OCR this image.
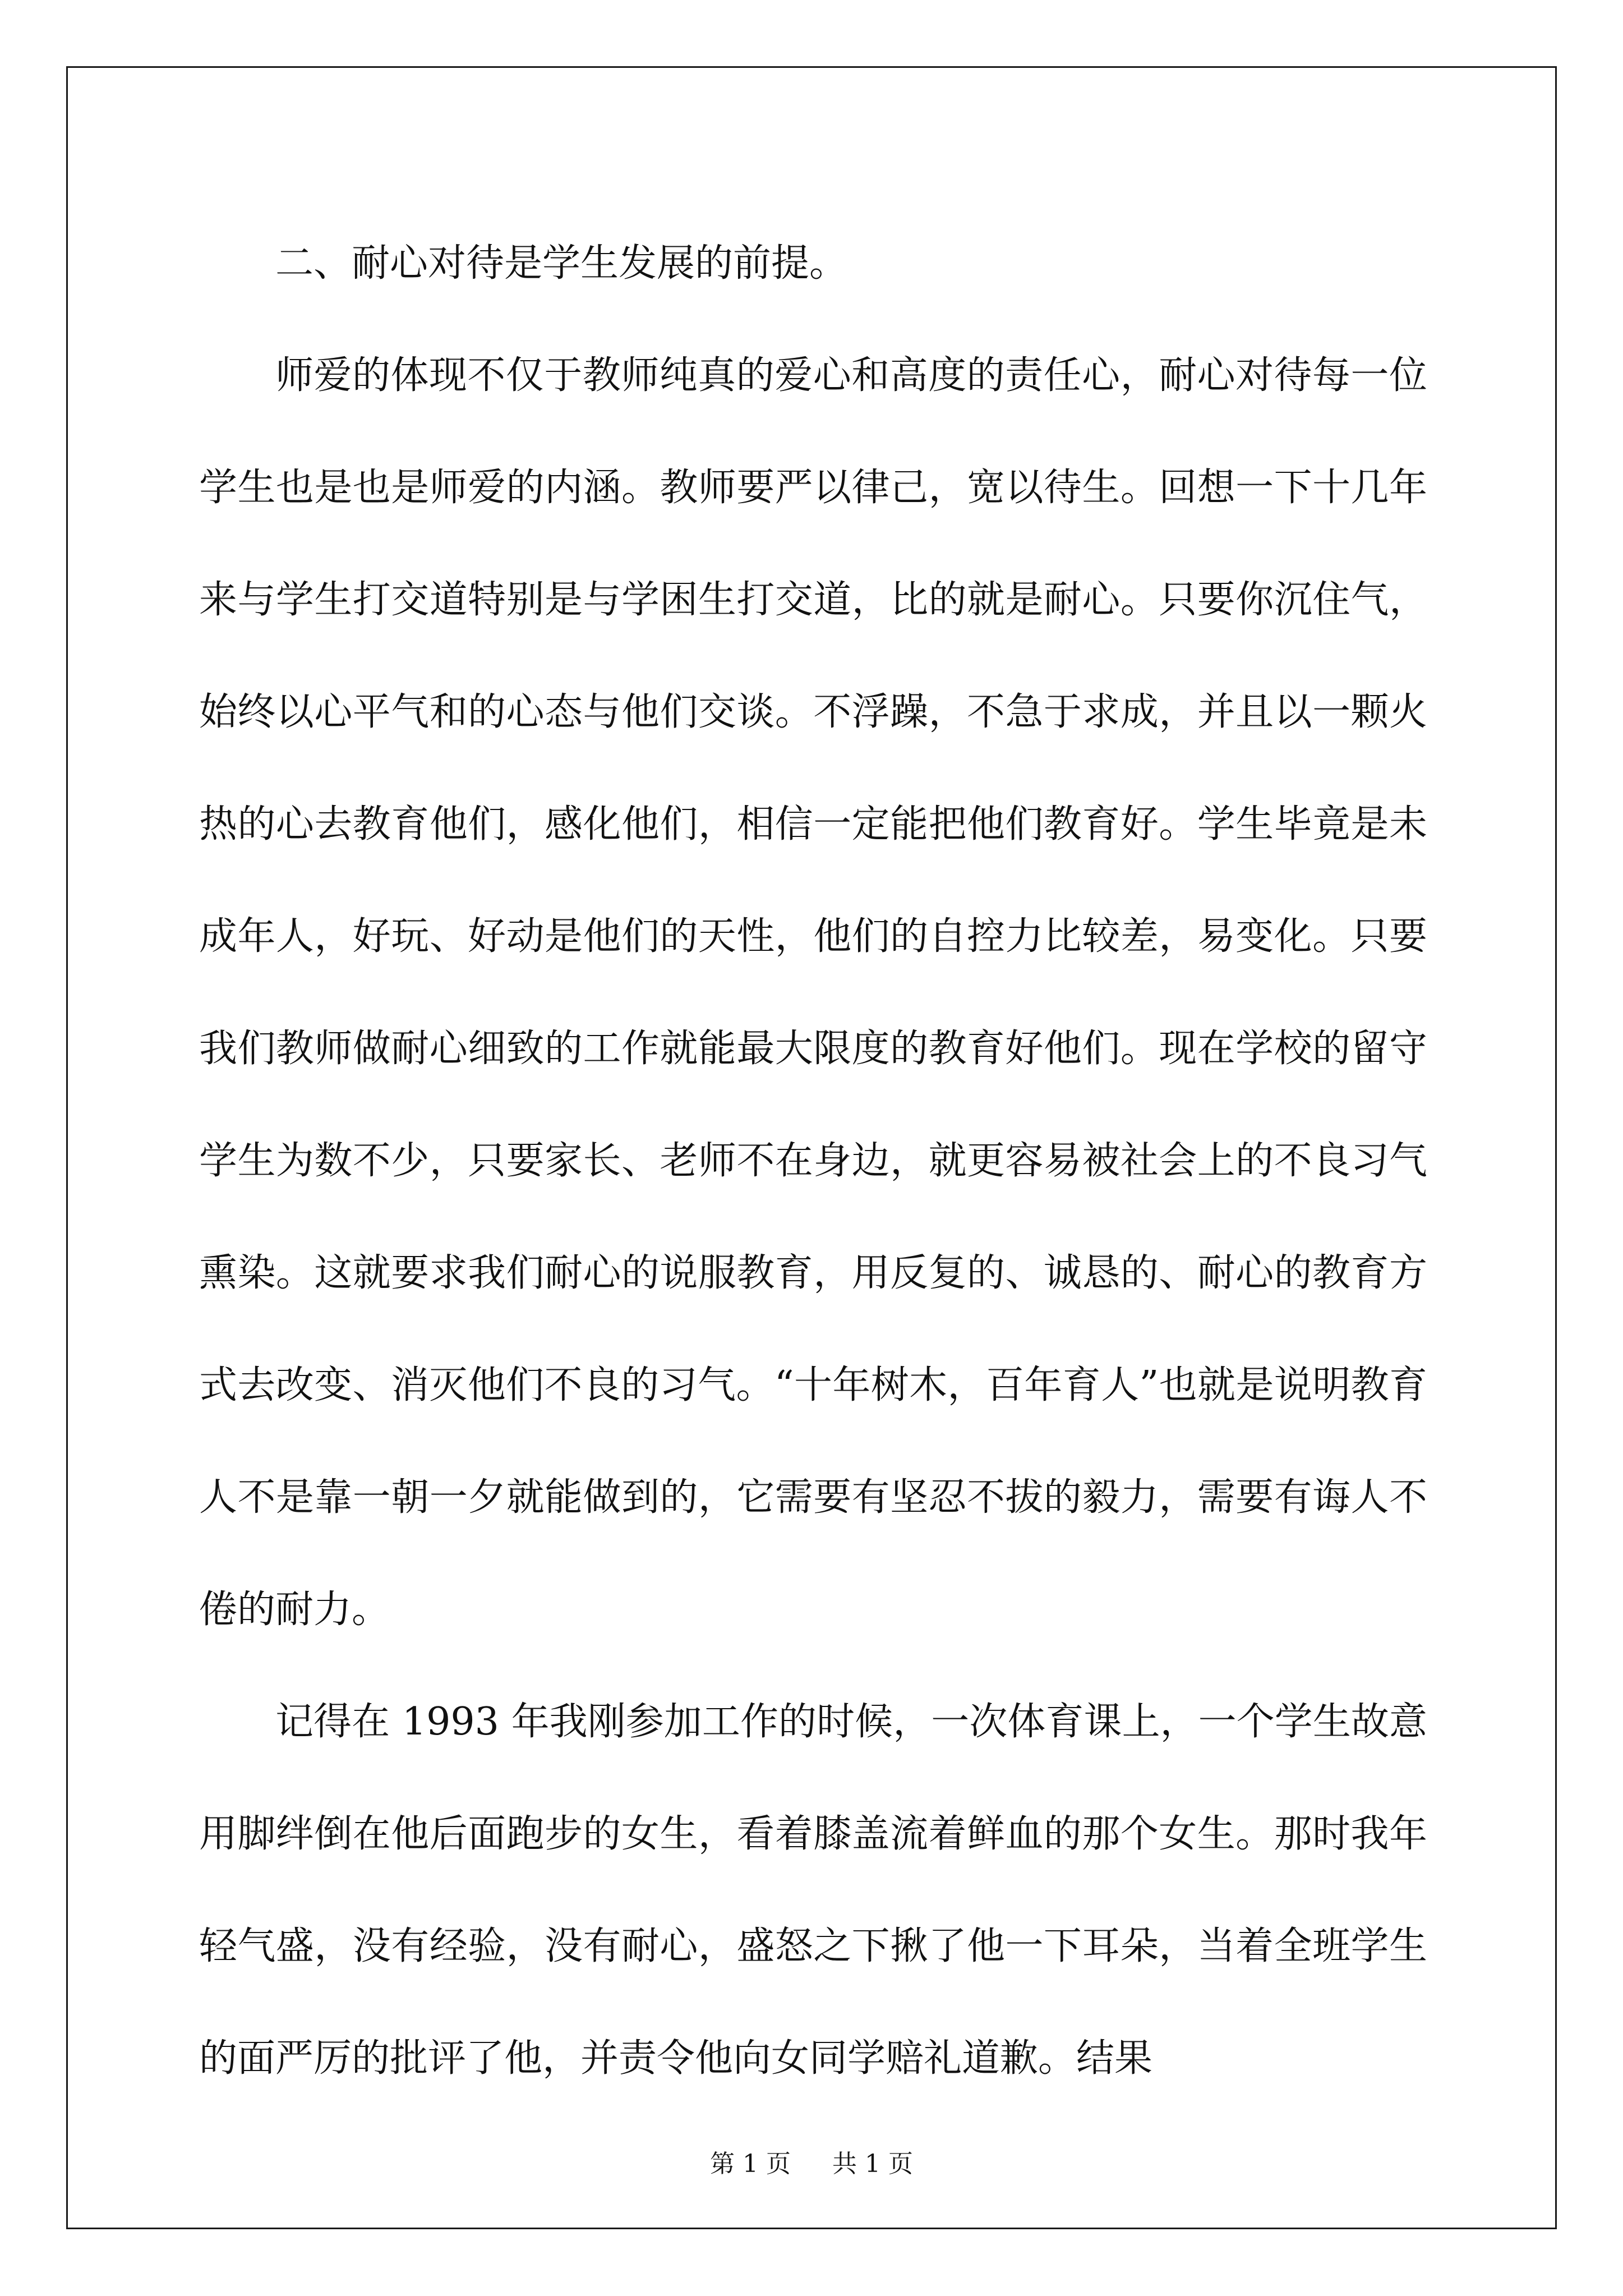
二、耐心对待是学生发展的前提。

师爱的体现不仅于教师纯真的爱心和高度的责任心，耐心对待每一位学生也是也是师爱的内涵。教师要严以律己，宽以待生。回想一下十几年来与学生打交道特别是与学困生打交道，比的就是耐心。只要你沉住气，始终以心平气和的心态与他们交谈。不浮躁，不急于求成，并且以一颗火热的心去教育他们，感化他们，相信一定能把他们教育好。学生毕竟是未成年人，好玩、好动是他们的天性，他们的自控力比较差，易变化。只要我们教师做耐心细致的工作就能最大限度的教育好他们。现在学校的留守学生为数不少，只要家长、老师不在身边，就更容易被社会上的不良习气熏染。这就要求我们耐心的说服教育，用反复的、诚恳的、耐心的教育方式去改变、消灭他们不良的习气。“十年树木，百年育人”也就是说明教育人不是靠一朝一夕就能做到的，它需要有坚忍不拔的毅力，需要有诲人不倦的耐力。

记得在 1993 年我刚参加工作的时候，一次体育课上，一个学生故意用脚绊倒在他后面跑步的女生，看着膝盖流着鲜血的那个女生。那时我年轻气盛，没有经验，没有耐心，盛怒之下揪了他一下耳朵，当着全班学生的面严厉的批评了他，并责令他向女同学赔礼道歉。结果

第 1 页 共 1 页
